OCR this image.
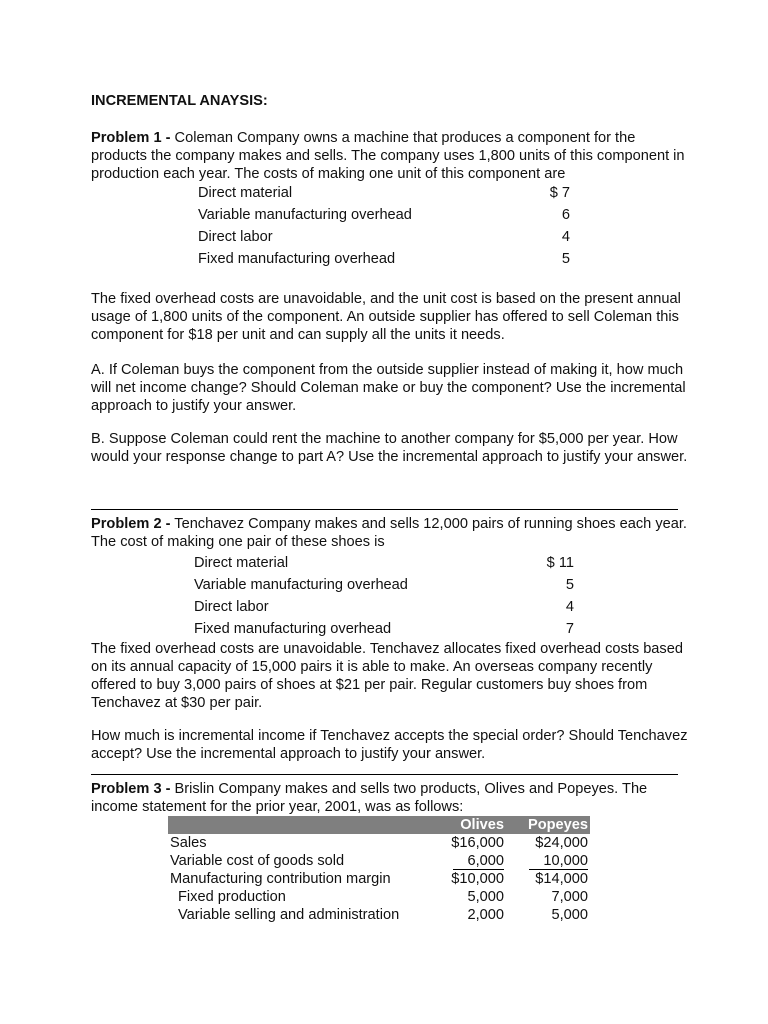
INCREMENTAL ANAYSIS:
Problem 1 - Coleman Company owns a machine that produces a component for the products the company makes and sells. The company uses 1,800 units of this component in production each year. The costs of making one unit of this component are
Direct material	$ 7
Variable manufacturing overhead	6
Direct labor	4
Fixed manufacturing overhead	5
The fixed overhead costs are unavoidable, and the unit cost is based on the present annual usage of 1,800 units of the component. An outside supplier has offered to sell Coleman this component for $18 per unit and can supply all the units it needs.
A. If Coleman buys the component from the outside supplier instead of making it, how much will net income change? Should Coleman make or buy the component? Use the incremental approach to justify your answer.
B. Suppose Coleman could rent the machine to another company for $5,000 per year. How would your response change to part A? Use the incremental approach to justify your answer.
Problem 2 - Tenchavez Company makes and sells 12,000 pairs of running shoes each year. The cost of making one pair of these shoes is
Direct material	$ 11
Variable manufacturing overhead	5
Direct labor	4
Fixed manufacturing overhead	7
The fixed overhead costs are unavoidable. Tenchavez allocates fixed overhead costs based on its annual capacity of 15,000 pairs it is able to make. An overseas company recently offered to buy 3,000 pairs of shoes at $21 per pair. Regular customers buy shoes from Tenchavez at $30 per pair.
How much is incremental income if Tenchavez accepts the special order? Should Tenchavez accept? Use the incremental approach to justify your answer.
Problem 3 - Brislin Company makes and sells two products, Olives and Popeyes. The income statement for the prior year, 2001, was as follows:
	Olives	Popeyes
Sales	$16,000	$24,000
Variable cost of goods sold	6,000	10,000
Manufacturing contribution margin	$10,000	$14,000
Fixed production	5,000	7,000
Variable selling and administration	2,000	5,000
